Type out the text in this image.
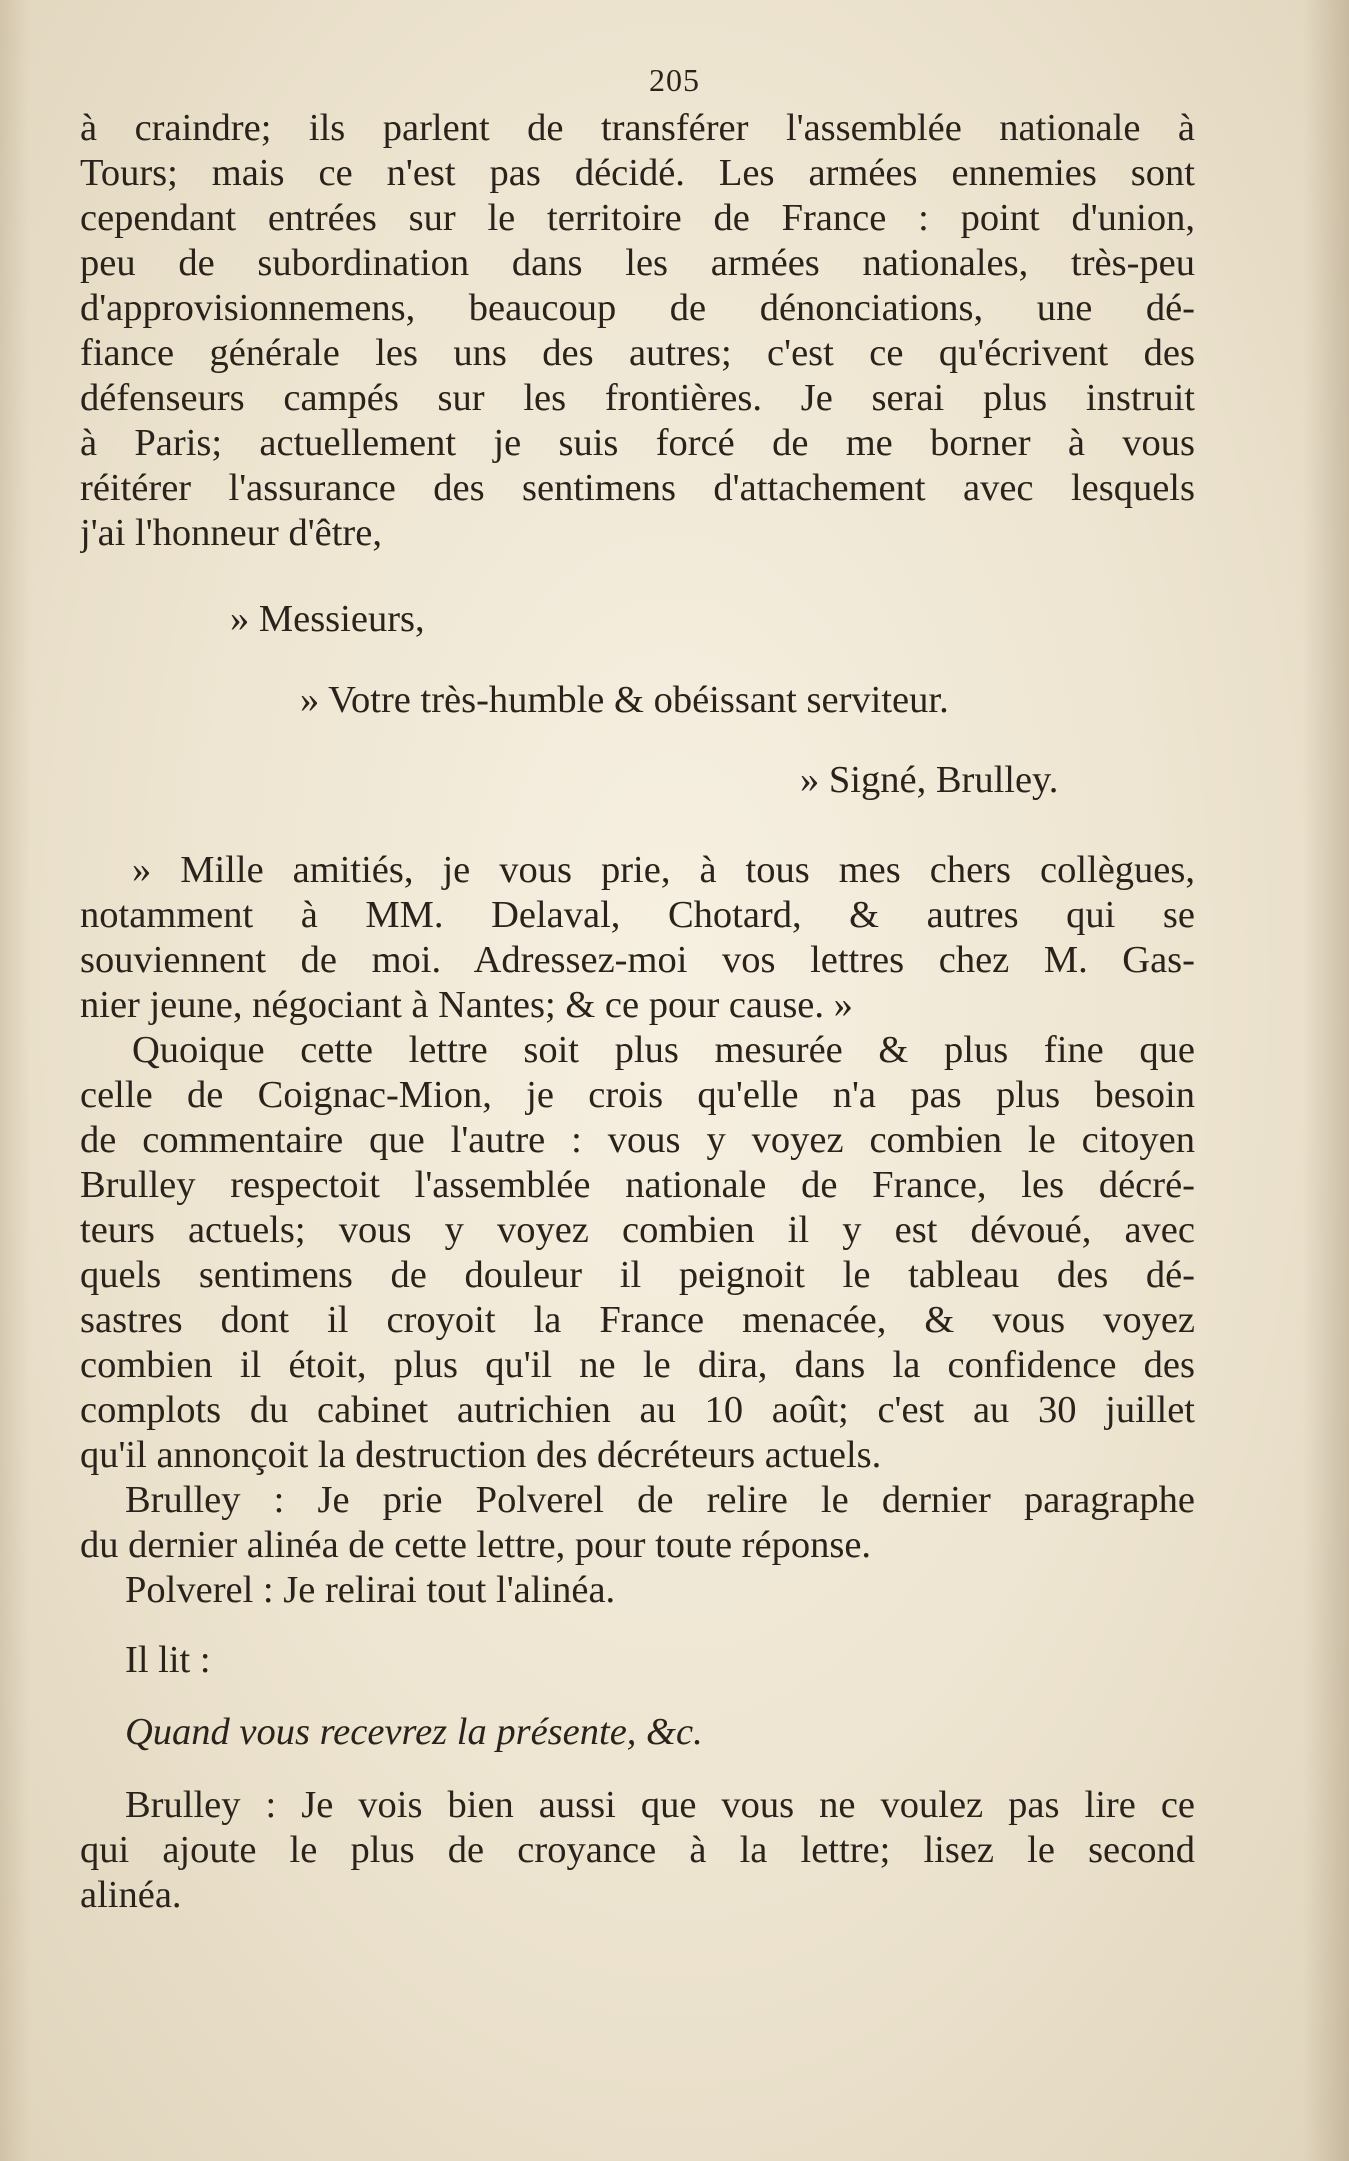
205
à craindre; ils parlent de transférer l'assemblée nationale à
Tours; mais ce n'est pas décidé. Les armées ennemies sont
cependant entrées sur le territoire de France : point d'union,
peu de subordination dans les armées nationales, très-peu
d'approvisionnemens, beaucoup de dénonciations, une dé-
fiance générale les uns des autres; c'est ce qu'écrivent des
défenseurs campés sur les frontières. Je serai plus instruit
à Paris; actuellement je suis forcé de me borner à vous
réitérer l'assurance des sentimens d'attachement avec lesquels
j'ai l'honneur d'être,
» Messieurs,
» Votre très-humble & obéissant serviteur.
» Signé, Brulley.
» Mille amitiés, je vous prie, à tous mes chers collègues,
notamment à MM. Delaval, Chotard, & autres qui se
souviennent de moi. Adressez-moi vos lettres chez M. Gas-
nier jeune, négociant à Nantes; & ce pour cause. »
Quoique cette lettre soit plus mesurée & plus fine que
celle de Coignac-Mion, je crois qu'elle n'a pas plus besoin
de commentaire que l'autre : vous y voyez combien le citoyen
Brulley respectoit l'assemblée nationale de France, les décré-
teurs actuels; vous y voyez combien il y est dévoué, avec
quels sentimens de douleur il peignoit le tableau des dé-
sastres dont il croyoit la France menacée, & vous voyez
combien il étoit, plus qu'il ne le dira, dans la confidence des
complots du cabinet autrichien au 10 août; c'est au 30 juillet
qu'il annonçoit la destruction des décréteurs actuels.
Brulley : Je prie Polverel de relire le dernier paragraphe
du dernier alinéa de cette lettre, pour toute réponse.
Polverel : Je relirai tout l'alinéa.
Il lit :
Quand vous recevrez la présente, &c.
Brulley : Je vois bien aussi que vous ne voulez pas lire ce
qui ajoute le plus de croyance à la lettre; lisez le second
alinéa.
